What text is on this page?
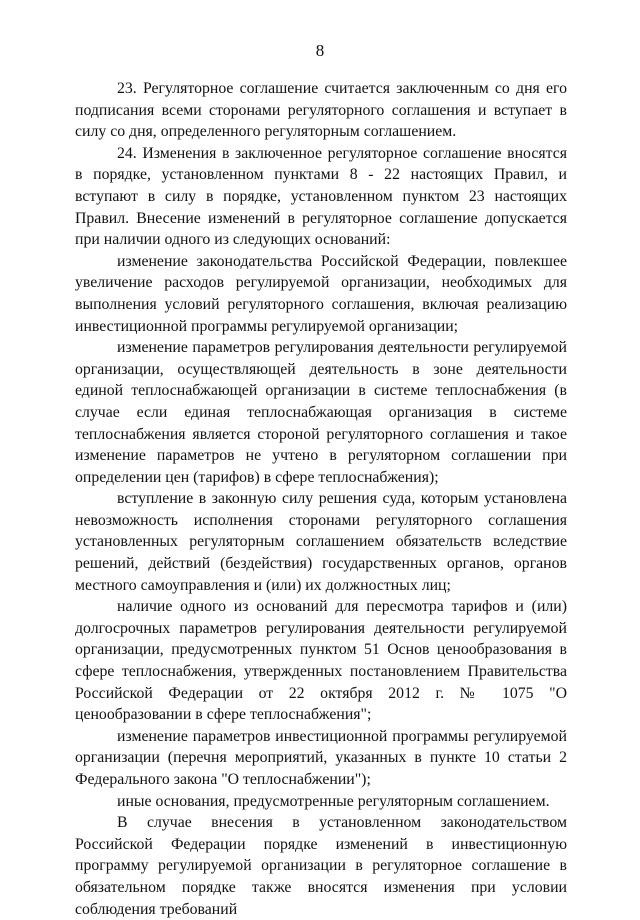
8

23. Регуляторное соглашение считается заключенным со дня его подписания всеми сторонами регуляторного соглашения и вступает в силу со дня, определенного регуляторным соглашением.

24. Изменения в заключенное регуляторное соглашение вносятся в порядке, установленном пунктами 8 - 22 настоящих Правил, и вступают в силу в порядке, установленном пунктом 23 настоящих Правил. Внесение изменений в регуляторное соглашение допускается при наличии одного из следующих оснований:

изменение законодательства Российской Федерации, повлекшее увеличение расходов регулируемой организации, необходимых для выполнения условий регуляторного соглашения, включая реализацию инвестиционной программы регулируемой организации;

изменение параметров регулирования деятельности регулируемой организации, осуществляющей деятельность в зоне деятельности единой теплоснабжающей организации в системе теплоснабжения (в случае если единая теплоснабжающая организация в системе теплоснабжения является стороной регуляторного соглашения и такое изменение параметров не учтено в регуляторном соглашении при определении цен (тарифов) в сфере теплоснабжения);

вступление в законную силу решения суда, которым установлена невозможность исполнения сторонами регуляторного соглашения установленных регуляторным соглашением обязательств вследствие решений, действий (бездействия) государственных органов, органов местного самоуправления и (или) их должностных лиц;

наличие одного из оснований для пересмотра тарифов и (или) долгосрочных параметров регулирования деятельности регулируемой организации, предусмотренных пунктом 51 Основ ценообразования в сфере теплоснабжения, утвержденных постановлением Правительства Российской Федерации от 22 октября 2012 г. № 1075 "О ценообразовании в сфере теплоснабжения";

изменение параметров инвестиционной программы регулируемой организации (перечня мероприятий, указанных в пункте 10 статьи 2 Федерального закона "О теплоснабжении");

иные основания, предусмотренные регуляторным соглашением.

В случае внесения в установленном законодательством Российской Федерации порядке изменений в инвестиционную программу регулируемой организации в регуляторное соглашение в обязательном порядке также вносятся изменения при условии соблюдения требований
